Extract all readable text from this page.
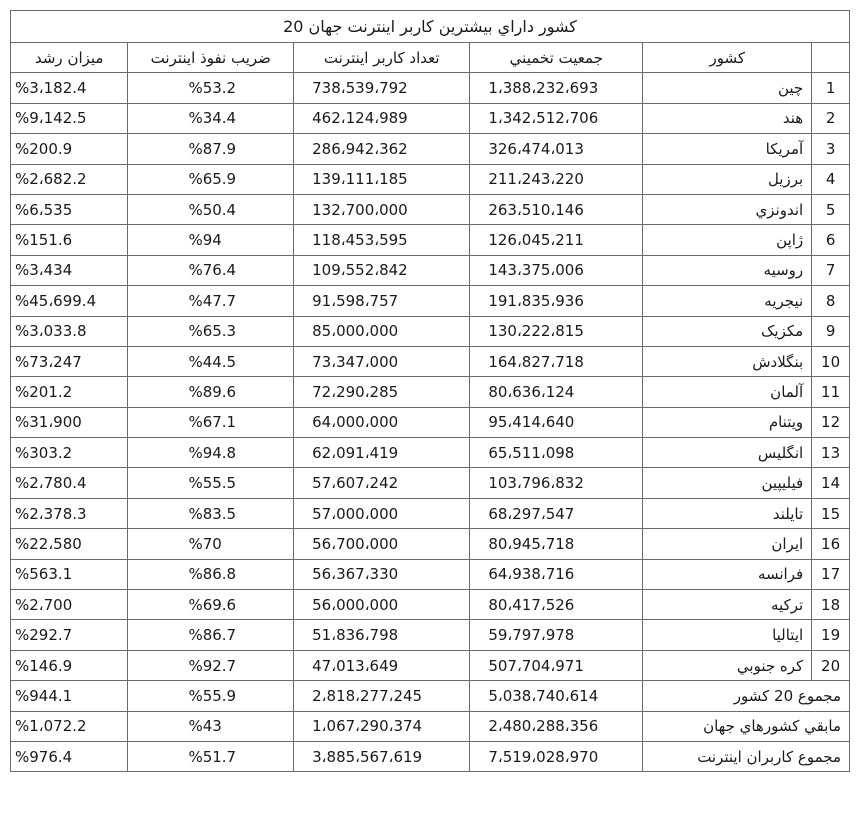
20 کشور داراي بيشترين کاربر اينترنت جهان					
ميزان رشد	ضريب نفوذ اينترنت	تعداد کاربر اينترنت	جمعيت تخميني	کشور	
%3،182.4	%53.2	738،539،792	1،388،232،693	چين	1
%9،142.5	%34.4	462،124،989	1،342،512،706	هند	2
%200.9	%87.9	286،942،362	326،474،013	آمريکا	3
%2،682.2	%65.9	139،111،185	211،243،220	برزيل	4
%6،535	%50.4	132،700،000	263،510،146	اندونزي	5
%151.6	%94	118،453،595	126،045،211	ژاپن	6
%3،434	%76.4	109،552،842	143،375،006	روسيه	7
%45،699.4	%47.7	91،598،757	191،835،936	نيجريه	8
%3،033.8	%65.3	85،000،000	130،222،815	مکزيک	9
%73،247	%44.5	73،347،000	164،827،718	بنگلادش	10
%201.2	%89.6	72،290،285	80،636،124	آلمان	11
%31،900	%67.1	64،000،000	95،414،640	ويتنام	12
%303.2	%94.8	62،091،419	65،511،098	انگليس	13
%2،780.4	%55.5	57،607،242	103،796،832	فيليپين	14
%2،378.3	%83.5	57،000،000	68،297،547	تايلند	15
%22،580	%70	56،700،000	80،945،718	ايران	16
%563.1	%86.8	56،367،330	64،938،716	فرانسه	17
%2،700	%69.6	56،000،000	80،417،526	ترکيه	18
%292.7	%86.7	51،836،798	59،797،978	ايتاليا	19
%146.9	%92.7	47،013،649	507،704،971	کره جنوبي	20
%944.1	%55.9	2،818،277،245	5،038،740،614	مجموع 20 کشور	
%1،072.2	%43	1،067،290،374	2،480،288،356	مابقي کشورهاي جهان	
%976.4	%51.7	3،885،567،619	7،519،028،970	مجموع کاربران اينترنت	
